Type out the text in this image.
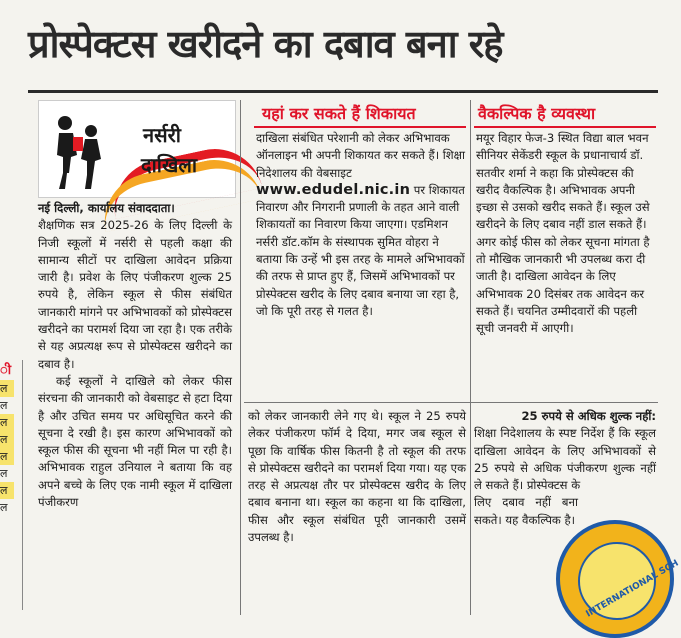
प्रोस्पेक्टस खरीदने का दबाव बना रहे
ी
ल
ल
ल
ल
ल
ल
ल
ल
नर्सरी
दाखिला

नई दिल्ली, कार्यालय संवाददाता।

शैक्षणिक सत्र 2025-26 के लिए दिल्ली के निजी स्कूलों में नर्सरी से पहली कक्षा की सामान्य सीटों पर दाखिला आवेदन प्रक्रिया जारी है। प्रवेश के लिए पंजीकरण शुल्क 25 रुपये है, लेकिन स्कूल से फीस संबंधित जानकारी मांगने पर अभिभावकों को प्रोस्पेक्टस खरीदने का परामर्श दिया जा रहा है। एक तरीके से यह अप्रत्यक्ष रूप से प्रोस्पेक्टस खरीदने का दबाव है।

कई स्कूलों ने दाखिले को लेकर फीस संरचना की जानकारी को वेबसाइट से हटा दिया है और उचित समय पर अधिसूचित करने की सूचना दे रखी है। इस कारण अभिभावकों को स्कूल फीस की सूचना भी नहीं मिल पा रही है। अभिभावक राहुल उनियाल ने बताया कि वह अपने बच्चे के लिए एक नामी स्कूल में दाखिला पंजीकरण

यहां कर सकते हैं शिकायत

दाखिला संबंधित परेशानी को लेकर अभिभावक ऑनलाइन भी अपनी शिकायत कर सकते हैं। शिक्षा निदेशालय की वेबसाइट

www.edudel.nic.in पर शिकायत निवारण और निगरानी प्रणाली के तहत आने वाली शिकायतों का निवारण किया जाएगा। एडमिशन नर्सरी डॉट.कॉम के संस्थापक सुमित वोहरा ने बताया कि उन्हें भी इस तरह के मामले अभिभावकों की तरफ से प्राप्त हुए हैं, जिसमें अभिभावकों पर प्रोस्पेक्टस खरीद के लिए दबाव बनाया जा रहा है, जो कि पूरी तरह से गलत है।

वैकल्पिक है व्यवस्था

मयूर विहार फेज-3 स्थित विद्या बाल भवन सीनियर सेकेंडरी स्कूल के प्रधानाचार्य डॉ. सतवीर शर्मा ने कहा कि प्रोस्पेक्टस की खरीद वैकल्पिक है। अभिभावक अपनी इच्छा से उसको खरीद सकते हैं। स्कूल उसे खरीदने के लिए दबाव नहीं डाल सकते हैं। अगर कोई फीस को लेकर सूचना मांगता है तो मौखिक जानकारी भी उपलब्ध करा दी जाती है। दाखिला आवेदन के लिए अभिभावक 20 दिसंबर तक आवेदन कर सकते हैं। चयनित उम्मीदवारों की पहली सूची जनवरी में आएगी।

को लेकर जानकारी लेने गए थे। स्कूल ने 25 रुपये लेकर पंजीकरण फॉर्म दे दिया, मगर जब स्कूल से पूछा कि वार्षिक फीस कितनी है तो स्कूल की तरफ से प्रोस्पेक्टस खरीदने का परामर्श दिया गया। यह एक तरह से अप्रत्यक्ष तौर पर प्रोस्पेक्टस खरीद के लिए दबाव बनाना था। स्कूल का कहना था कि दाखिला, फीस और स्कूल संबंधित पूरी जानकारी उसमें उपलब्ध है।

25 रुपये से अधिक शुल्क नहीं:

शिक्षा निदेशालय के स्पष्ट निर्देश हैं कि स्कूल दाखिला आवेदन के लिए अभिभावकों से 25 रुपये से अधिक पंजीकरण शुल्क नहीं ले सकते हैं। प्रोस्पेक्टस के

लिए दबाव नहीं बना सकते। यह वैकल्पिक है।

INTERNATIONAL SCH
